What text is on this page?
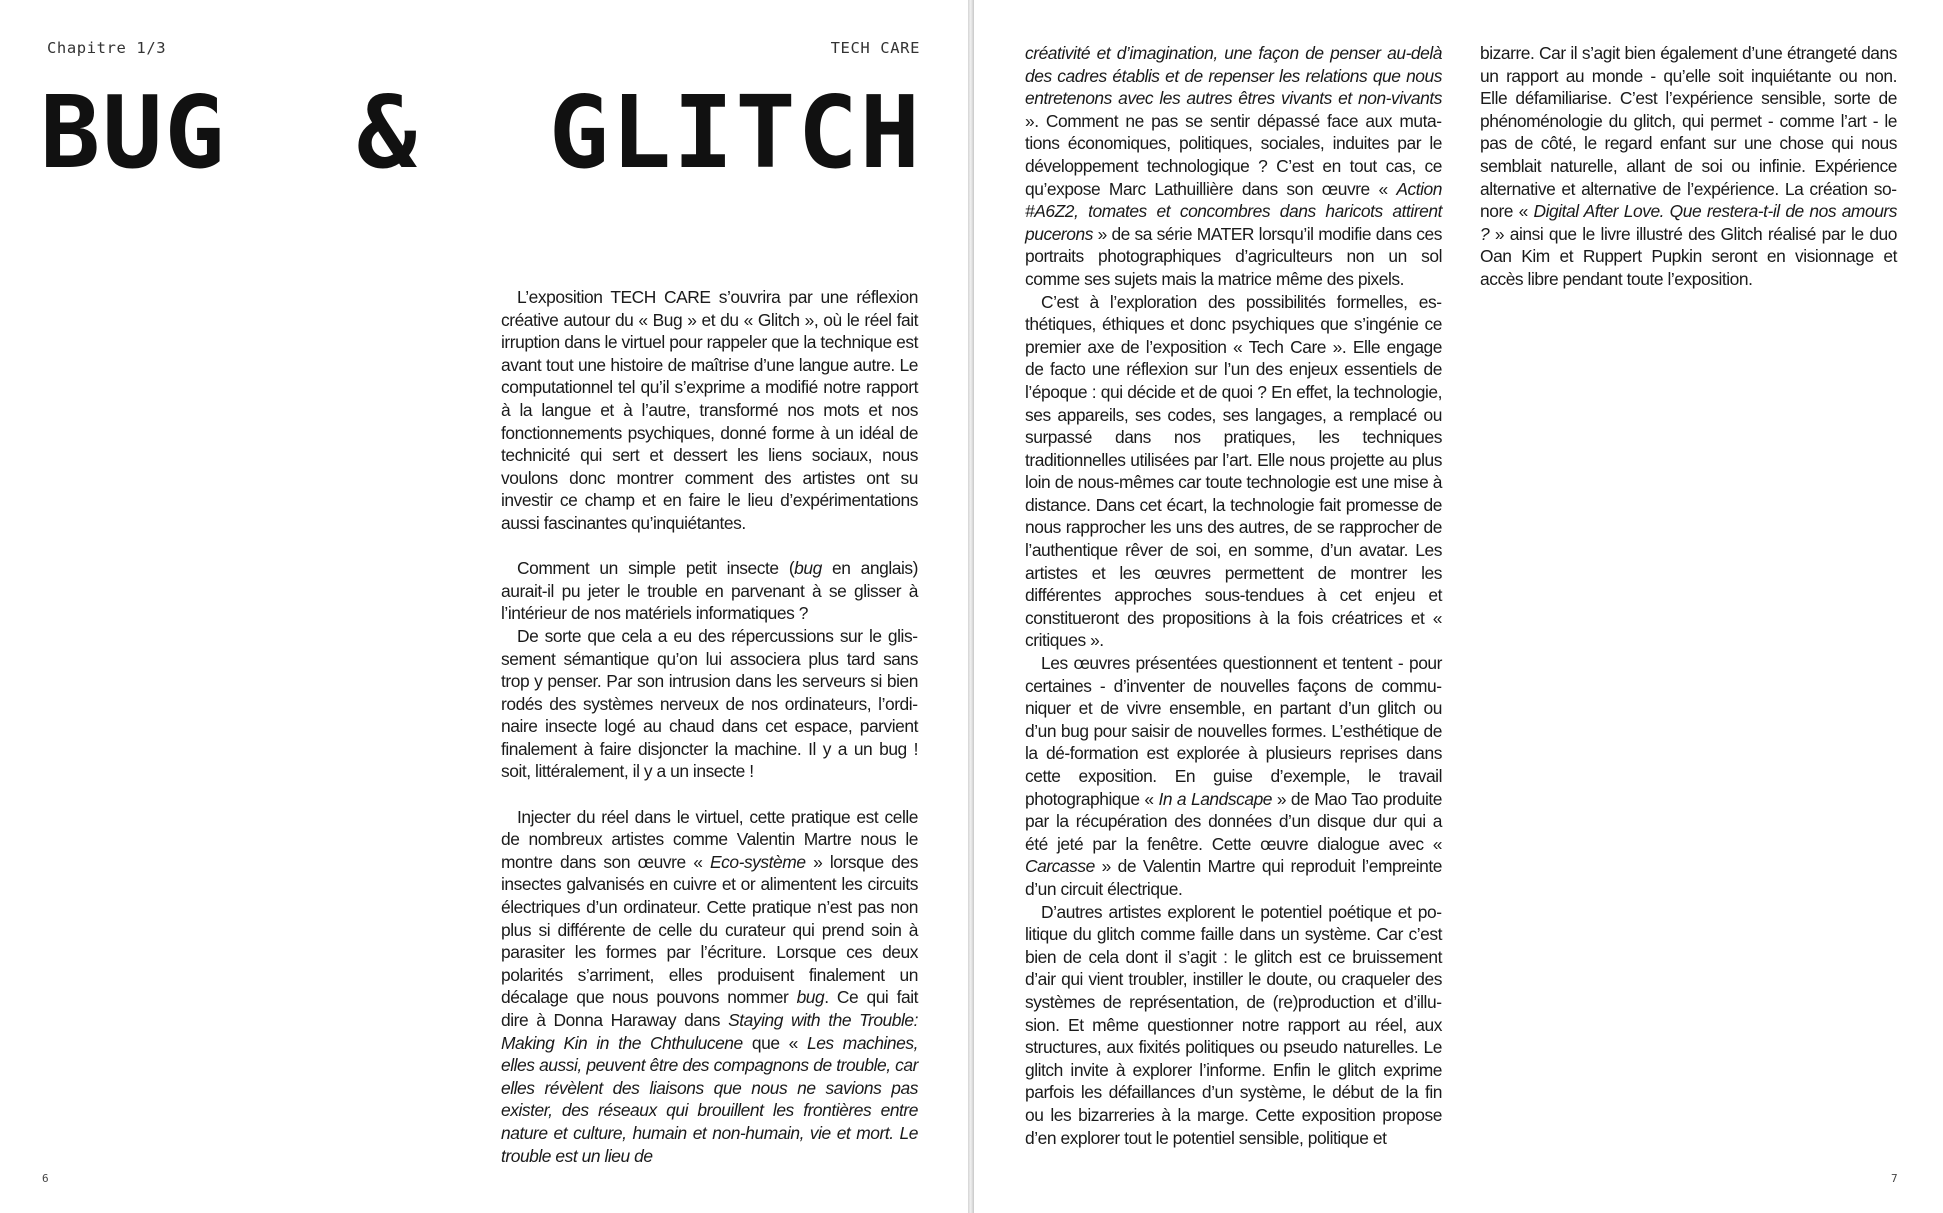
Chapitre 1/3	TECH CARE
BUG & GLITCH

L’exposition TECH CARE s’ouvrira par une réflexion créative autour du « Bug » et du « Glitch », où le réel fait irruption dans le virtuel pour rappeler que la technique est avant tout une histoire de maîtrise d’une langue autre. Le computationnel tel qu’il s’exprime a modifié notre rapport à la langue et à l’autre, transformé nos mots et nos fonctionnements psychiques, donné forme à un idéal de technicité qui sert et dessert les liens sociaux, nous voulons donc montrer comment des artistes ont su investir ce champ et en faire le lieu d’expérimentations aussi fascinantes qu’inquiétantes.

Comment un simple petit insecte (bug en anglais) aurait-il pu jeter le trouble en parvenant à se glisser à l’intérieur de nos matériels informatiques ?

De sorte que cela a eu des répercussions sur le glissement sémantique qu’on lui associera plus tard sans trop y penser. Par son intrusion dans les serveurs si bien rodés des systèmes nerveux de nos ordinateurs, l’ordinaire insecte logé au chaud dans cet espace, parvient finalement à faire disjoncter la machine. Il y a un bug ! soit, littéralement, il y a un insecte !

Injecter du réel dans le virtuel, cette pratique est celle de nombreux artistes comme Valentin Martre nous le montre dans son œuvre « Eco-système » lorsque des insectes galvanisés en cuivre et or alimentent les circuits électriques d’un ordinateur. Cette pratique n’est pas non plus si différente de celle du curateur qui prend soin à parasiter les formes par l’écriture. Lorsque ces deux polarités s’arriment, elles produisent finalement un décalage que nous pouvons nommer bug. Ce qui fait dire à Donna Haraway dans Staying with the Trouble: Making Kin in the Chthulucene que « Les machines, elles aussi, peuvent être des compagnons de trouble, car elles révèlent des liaisons que nous ne savions pas exister, des réseaux qui brouillent les frontières entre nature et culture, humain et non-humain, vie et mort. Le trouble est un lieu de

6	7

créativité et d’imagination, une façon de penser au-delà des cadres établis et de repenser les relations que nous entretenons avec les autres êtres vivants et non-vivants ». Comment ne pas se sentir dépassé face aux mutations économiques, politiques, sociales, induites par le développement technologique ? C’est en tout cas, ce qu’expose Marc Lathuillière dans son œuvre « Action #A6Z2, tomates et concombres dans haricots attirent pucerons » de sa série MATER lorsqu’il modifie dans ces portraits photographiques d’agriculteurs non un sol comme ses sujets mais la matrice même des pixels.

C’est à l’exploration des possibilités formelles, esthétiques, éthiques et donc psychiques que s’ingénie ce premier axe de l’exposition « Tech Care ». Elle engage de facto une réflexion sur l’un des enjeux essentiels de l’époque : qui décide et de quoi ? En effet, la technologie, ses appareils, ses codes, ses langages, a remplacé ou surpassé dans nos pratiques, les techniques traditionnelles utilisées par l’art. Elle nous projette au plus loin de nous-mêmes car toute technologie est une mise à distance. Dans cet écart, la technologie fait promesse de nous rapprocher les uns des autres, de se rapprocher de l’authentique rêver de soi, en somme, d’un avatar. Les artistes et les œuvres permettent de montrer les différentes approches sous-tendues à cet enjeu et constitueront des propositions à la fois créatrices et « critiques ».

Les œuvres présentées questionnent et tentent - pour certaines - d’inventer de nouvelles façons de communiquer et de vivre ensemble, en partant d’un glitch ou d’un bug pour saisir de nouvelles formes. L’esthétique de la dé-formation est explorée à plusieurs reprises dans cette exposition. En guise d’exemple, le travail photographique « In a Landscape » de Mao Tao produite par la récupération des données d’un disque dur qui a été jeté par la fenêtre. Cette œuvre dialogue avec « Carcasse » de Valentin Martre qui reproduit l’empreinte d’un circuit électrique.

D’autres artistes explorent le potentiel poétique et politique du glitch comme faille dans un système. Car c’est bien de cela dont il s’agit : le glitch est ce bruissement d’air qui vient troubler, instiller le doute, ou craqueler des systèmes de représentation, de (re)production et d’illusion. Et même questionner notre rapport au réel, aux structures, aux fixités politiques ou pseudo naturelles. Le glitch invite à explorer l’informe. Enfin le glitch exprime parfois les défaillances d’un système, le début de la fin ou les bizarreries à la marge. Cette exposition propose d’en explorer tout le potentiel sensible, politique et

bizarre. Car il s’agit bien également d’une étrangeté dans un rapport au monde - qu’elle soit inquiétante ou non. Elle défamiliarise. C’est l’expérience sensible, sorte de phénoménologie du glitch, qui permet - comme l’art - le pas de côté, le regard enfant sur une chose qui nous semblait naturelle, allant de soi ou infinie. Expérience alternative et alternative de l’expérience. La création sonore « Digital After Love. Que restera-t-il de nos amours ? » ainsi que le livre illustré des Glitch réalisé par le duo Oan Kim et Ruppert Pupkin seront en visionnage et accès libre pendant toute l’exposition.
